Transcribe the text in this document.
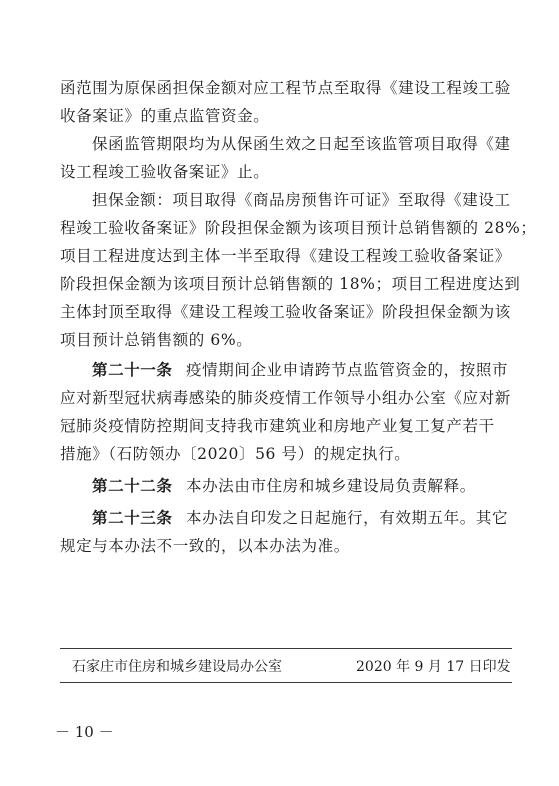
函范围为原保函担保金额对应工程节点至取得《建设工程竣工验
收备案证》的重点监管资金。
保函监管期限均为从保函生效之日起至该监管项目取得《建
设工程竣工验收备案证》止。
担保金额：项目取得《商品房预售许可证》至取得《建设工
程竣工验收备案证》阶段担保金额为该项目预计总销售额的 28%；
项目工程进度达到主体一半至取得《建设工程竣工验收备案证》
阶段担保金额为该项目预计总销售额的 18%；项目工程进度达到
主体封顶至取得《建设工程竣工验收备案证》阶段担保金额为该
项目预计总销售额的 6%。
第二十一条 疫情期间企业申请跨节点监管资金的，按照市
应对新型冠状病毒感染的肺炎疫情工作领导小组办公室《应对新
冠肺炎疫情防控期间支持我市建筑业和房地产业复工复产若干
措施》（石防领办〔2020〕56 号）的规定执行。
第二十二条 本办法由市住房和城乡建设局负责解释。
第二十三条 本办法自印发之日起施行，有效期五年。其它
规定与本办法不一致的，以本办法为准。
石家庄市住房和城乡建设局办公室	2020 年 9 月 17 日印发
－ 10 －
